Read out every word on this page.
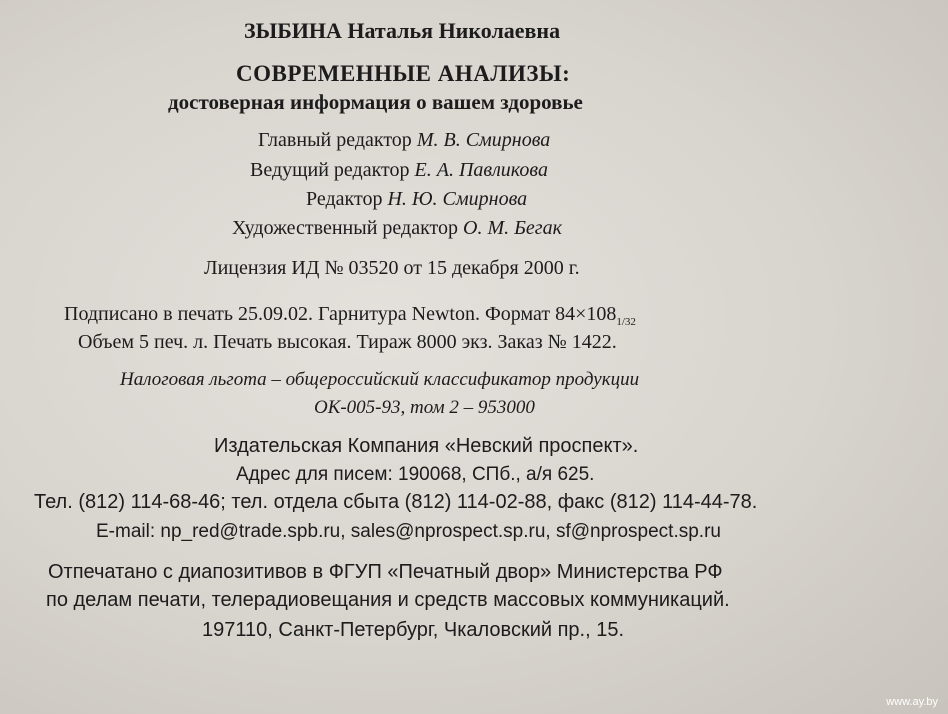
ЗЫБИНА Наталья Николаевна
СОВРЕМЕННЫЕ АНАЛИЗЫ:
достоверная информация о вашем здоровье
Главный редактор М. В. Смирнова
Ведущий редактор Е. А. Павликова
Редактор Н. Ю. Смирнова
Художественный редактор О. М. Бегак
Лицензия ИД № 03520 от 15 декабря 2000 г.
Подписано в печать 25.09.02. Гарнитура Newton. Формат $84\times 108_{1/32}$
Объем 5 печ. л. Печать высокая. Тираж 8000 экз. Заказ № 1422.
Налоговая льгота – общероссийский классификатор продукции
ОК-005-93, том 2 – 953000
Издательская Компания «Невский проспект».
Адрес для писем: 190068, СПб., а/я 625.
Тел. (812) 114-68-46; тел. отдела сбыта (812) 114-02-88, факс (812) 114-44-78.
E-mail: np_red@trade.spb.ru, sales@nprospect.sp.ru, sf@nprospect.sp.ru
Отпечатано с диапозитивов в ФГУП «Печатный двор» Министерства РФ
по делам печати, телерадиовещания и средств массовых коммуникаций.
197110, Санкт-Петербург, Чкаловский пр., 15.
www.ay.by
